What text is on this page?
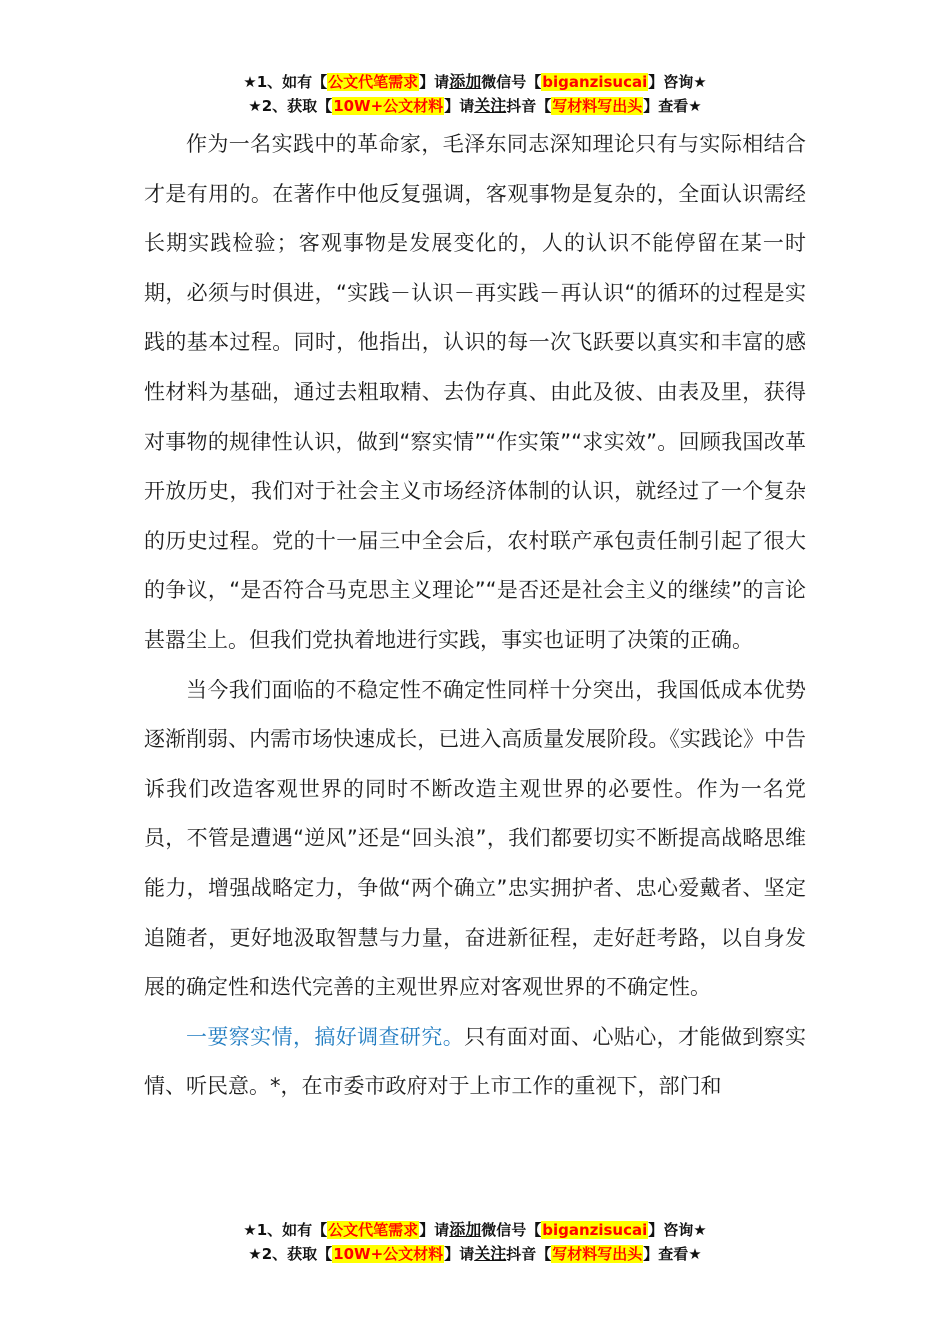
★1、如有【公文代笔需求】请添加微信号【biganzisucai】咨询★
★2、获取【10W+公文材料】请关注抖音【写材料写出头】查看★

作为一名实践中的革命家，毛泽东同志深知理论只有与实际相结合才是有用的。在著作中他反复强调，客观事物是复杂的，全面认识需经长期实践检验；客观事物是发展变化的，人的认识不能停留在某一时期，必须与时俱进，“实践－认识－再实践－再认识“的循环的过程是实践的基本过程。同时，他指出，认识的每一次飞跃要以真实和丰富的感性材料为基础，通过去粗取精、去伪存真、由此及彼、由表及里，获得对事物的规律性认识，做到“察实情”“作实策”“求实效”。回顾我国改革开放历史，我们对于社会主义市场经济体制的认识，就经过了一个复杂的历史过程。党的十一届三中全会后，农村联产承包责任制引起了很大的争议，“是否符合马克思主义理论”“是否还是社会主义的继续”的言论甚嚣尘上。但我们党执着地进行实践，事实也证明了决策的正确。

当今我们面临的不稳定性不确定性同样十分突出，我国低成本优势逐渐削弱、内需市场快速成长，已进入高质量发展阶段。《实践论》中告诉我们改造客观世界的同时不断改造主观世界的必要性。作为一名党员，不管是遭遇“逆风”还是“回头浪”，我们都要切实不断提高战略思维能力，增强战略定力，争做“两个确立”忠实拥护者、忠心爱戴者、坚定追随者，更好地汲取智慧与力量，奋进新征程，走好赶考路，以自身发展的确定性和迭代完善的主观世界应对客观世界的不确定性。

一要察实情，搞好调查研究。只有面对面、心贴心，才能做到察实情、听民意。*，在市委市政府对于上市工作的重视下，部门和

★1、如有【公文代笔需求】请添加微信号【biganzisucai】咨询★
★2、获取【10W+公文材料】请关注抖音【写材料写出头】查看★
